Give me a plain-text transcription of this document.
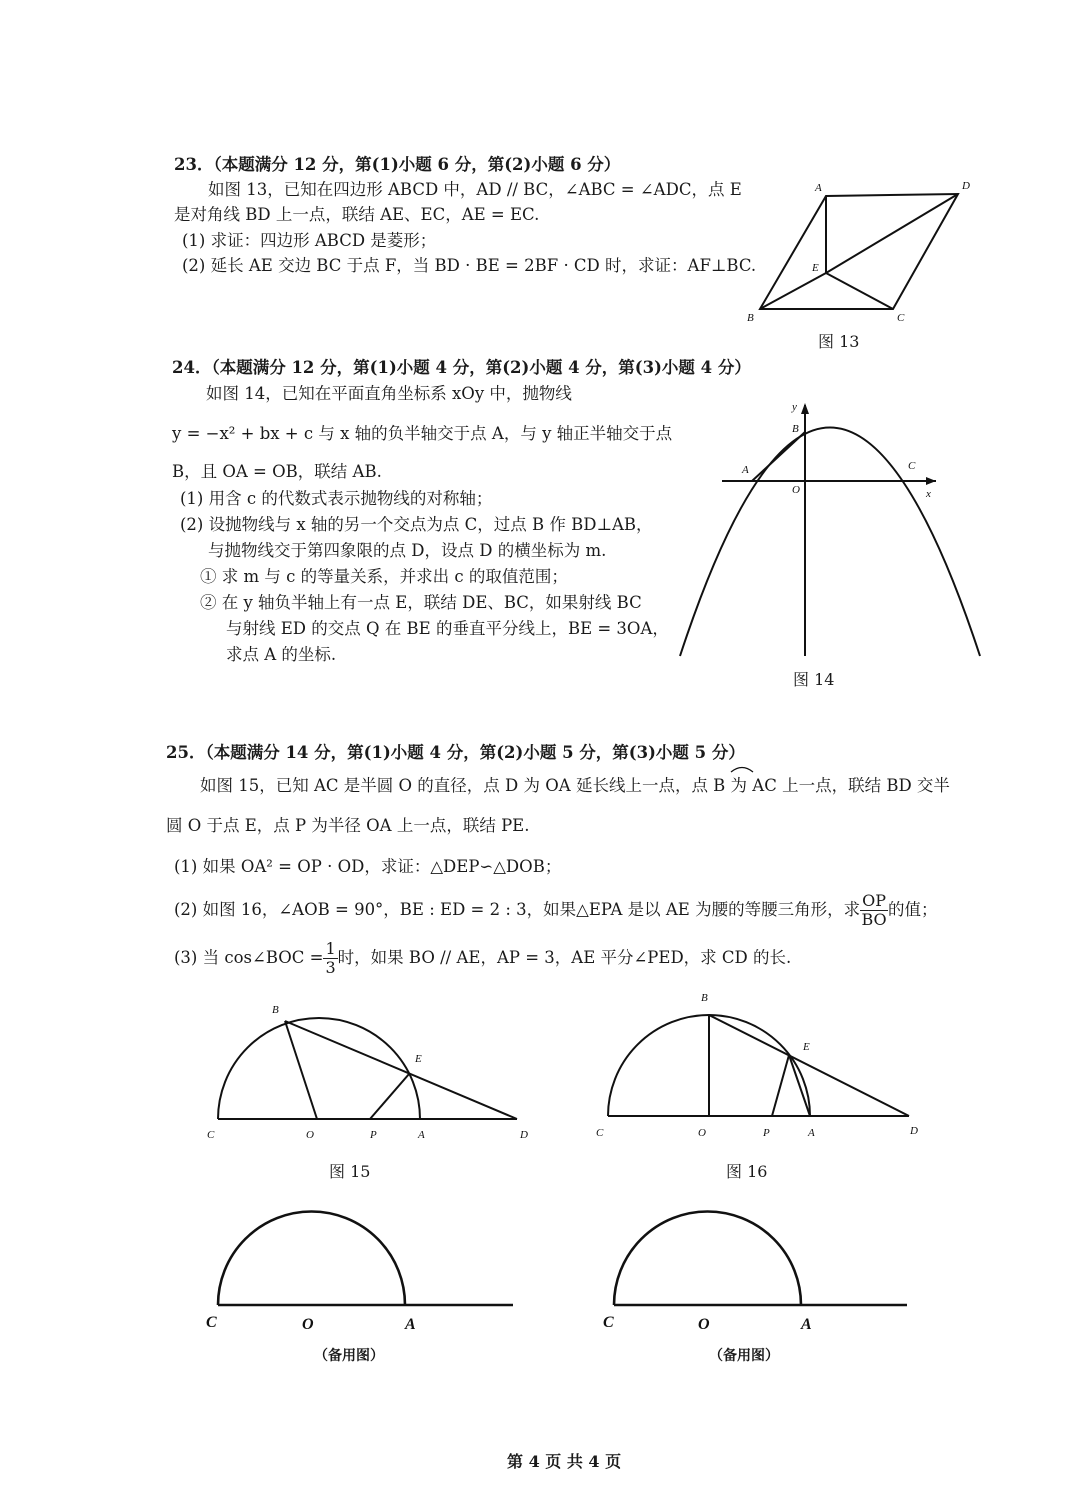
23．（本题满分 12 分，第(1)小题 6 分，第(2)小题 6 分）
如图 13，已知在四边形 ABCD 中，AD // BC，∠ABC = ∠ADC，点 E
是对角线 BD 上一点，联结 AE、EC，AE = EC.
(1) 求证：四边形 ABCD 是菱形；
(2) 延长 AE 交边 BC 于点 F，当 BD · BE = 2BF · CD 时，求证：AF⊥BC.
A	D
E
B	C
图 13
24．（本题满分 12 分，第(1)小题 4 分，第(2)小题 4 分，第(3)小题 4 分）
如图 14，已知在平面直角坐标系 xOy 中，抛物线
y = −x² + bx + c 与 x 轴的负半轴交于点 A，与 y 轴正半轴交于点
B，且 OA = OB，联结 AB.
(1) 用含 c 的代数式表示抛物线的对称轴；
(2) 设抛物线与 x 轴的另一个交点为点 C，过点 B 作 BD⊥AB，
与抛物线交于第四象限的点 D，设点 D 的横坐标为 m.
① 求 m 与 c 的等量关系，并求出 c 的取值范围；
② 在 y 轴负半轴上有一点 E，联结 DE、BC，如果射线 BC
与射线 ED 的交点 Q 在 BE 的垂直平分线上，BE = 3OA，
求点 A 的坐标.
y
x
O
A
B
C
图 14
25．（本题满分 14 分，第(1)小题 4 分，第(2)小题 5 分，第(3)小题 5 分）
如图 15，已知 AC 是半圆 O 的直径，点 D 为 OA 延长线上一点，点 B 为 AC 上一点，联结 BD 交半
圆 O 于点 E，点 P 为半径 OA 上一点，联结 PE.
(1) 如果 OA² = OP · OD，求证：△DEP∽△DOB；
(2) 如图 16，∠AOB = 90°，BE : ED = 2 : 3，如果△EPA 是以 AE 为腰的等腰三角形，求 $\frac{OP}{BO}$ 的值；
(3) 当 cos∠BOC = $\frac{1}{3}$ 时，如果 BO // AE，AP = 3，AE 平分∠PED，求 CD 的长.
B
E
C	O	P	A	D
图 15
B
E
C	O	P	A	D
图 16
C	O	A
（备用图）
C	O	A
（备用图）
第 4 页 共 4 页
